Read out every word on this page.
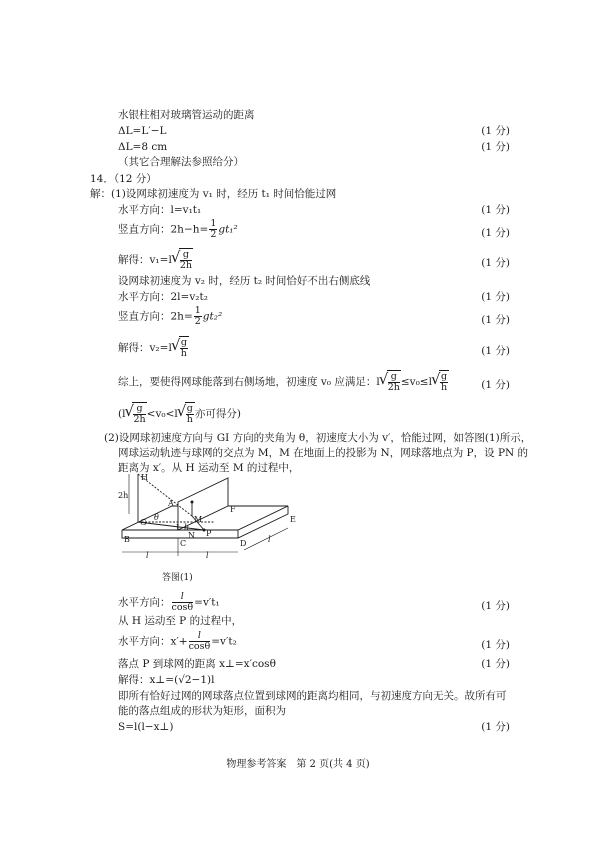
水银柱相对玻璃管运动的距离
ΔL=L′−L	(1 分)
ΔL=8 cm	(1 分)
（其它合理解法参照给分）
14．（12 分）
解：(1)设网球初速度为 v₁ 时，经历 t₁ 时间恰能过网
水平方向：l=v₁t₁	(1 分)
竖直方向：$2h-h= \frac{1}{2} gt_1^2$	(1 分)
解得：v₁=l √ $\frac{g}{2h}$	(1 分)
设网球初速度为 v₂ 时，经历 t₂ 时间恰好不出右侧底线
水平方向：2l=v₂t₂	(1 分)
竖直方向：$2h= \frac{1}{2} gt_2^2$	(1 分)
解得：v₂=l √ $\frac{g}{h}$	(1 分)
综上，要使得网球能落到右侧场地，初速度 v₀ 应满足：l √ $\frac{g}{2h} \le v_0\le l$ √ $\frac{g}{h}$	(1 分)
(l √ $\frac{g}{2h} <v_0<l$ √ $\frac{g}{h}$ 亦可得分)
(2)设网球初速度方向与 GI 方向的夹角为 θ，初速度大小为 v′，恰能过网，如答图(1)所示，
网球运动轨迹与球网的交点为 M，M 在地面上的投影为 N，网球落地点为 P，设 PN 的
距离为 x′。从 H 运动至 M 的过程中，
H
2h
A
M
F
E
G
θ
h
N P
I
B	C	D
l	l
l
答图(1)
水平方向： $\frac{l}{\cos\theta} =v't_1$	(1 分)
从 H 运动至 P 的过程中，
水平方向：$x'+ \frac{l}{\cos\theta} =v't_2$	(1 分)
落点 P 到球网的距离 x⊥=x′cosθ	(1 分)
解得：x⊥=(√2−1)l
即所有恰好过网的网球落点位置到球网的距离均相同，与初速度方向无关。故所有可
能的落点组成的形状为矩形，面积为
S=l(l−x⊥)	(1 分)
物理参考答案　第 2 页(共 4 页)
